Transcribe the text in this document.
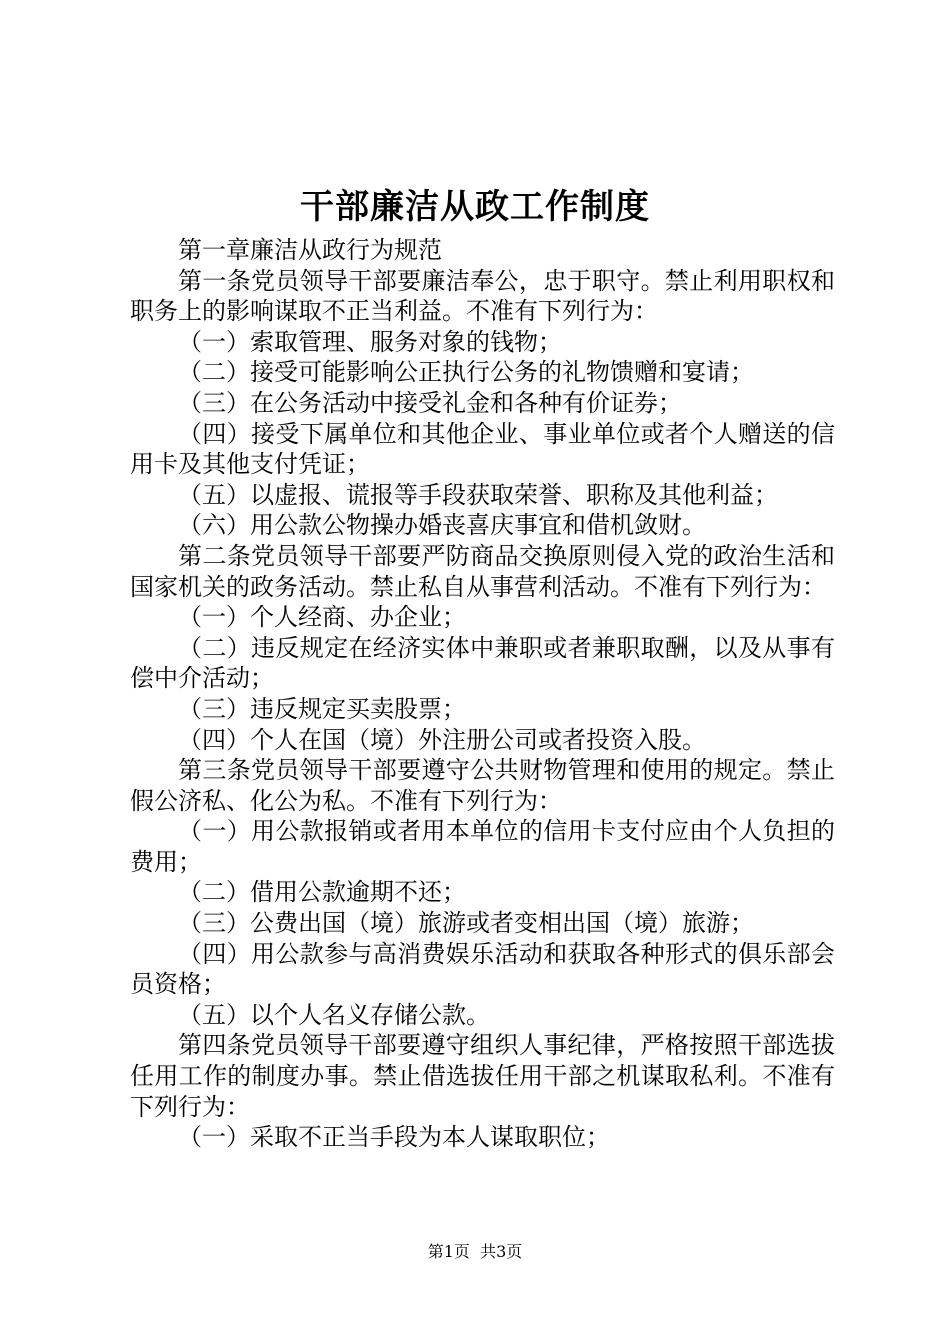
干部廉洁从政工作制度

第一章廉洁从政行为规范

第一条党员领导干部要廉洁奉公，忠于职守。禁止利用职权和职务上的影响谋取不正当利益。不准有下列行为：

（一）索取管理、服务对象的钱物；

（二）接受可能影响公正执行公务的礼物馈赠和宴请；

（三）在公务活动中接受礼金和各种有价证券；

（四）接受下属单位和其他企业、事业单位或者个人赠送的信用卡及其他支付凭证；

（五）以虚报、谎报等手段获取荣誉、职称及其他利益；

（六）用公款公物操办婚丧喜庆事宜和借机敛财。

第二条党员领导干部要严防商品交换原则侵入党的政治生活和国家机关的政务活动。禁止私自从事营利活动。不准有下列行为：

（一）个人经商、办企业；

（二）违反规定在经济实体中兼职或者兼职取酬，以及从事有偿中介活动；

（三）违反规定买卖股票；

（四）个人在国（境）外注册公司或者投资入股。

第三条党员领导干部要遵守公共财物管理和使用的规定。禁止假公济私、化公为私。不准有下列行为：

（一）用公款报销或者用本单位的信用卡支付应由个人负担的费用；

（二）借用公款逾期不还；

（三）公费出国（境）旅游或者变相出国（境）旅游；

（四）用公款参与高消费娱乐活动和获取各种形式的俱乐部会员资格；

（五）以个人名义存储公款。

第四条党员领导干部要遵守组织人事纪律，严格按照干部选拔任用工作的制度办事。禁止借选拔任用干部之机谋取私利。不准有下列行为：

（一）采取不正当手段为本人谋取职位；

第1页  共3页
